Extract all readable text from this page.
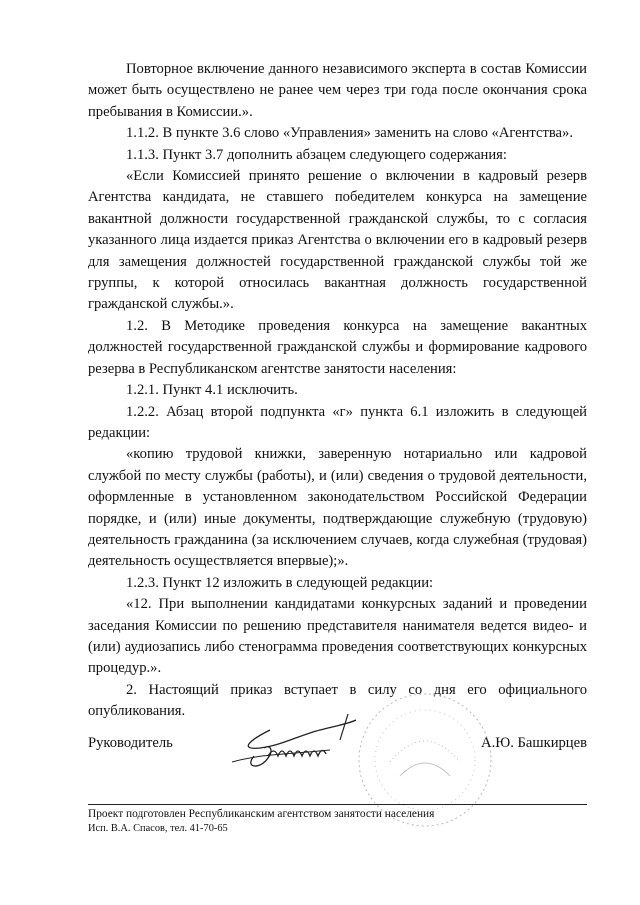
Повторное включение данного независимого эксперта в состав Комиссии может быть осуществлено не ранее чем через три года после окончания срока пребывания в Комиссии.».

1.1.2. В пункте 3.6 слово «Управления» заменить на слово «Агентства».

1.1.3. Пункт 3.7 дополнить абзацем следующего содержания:

«Если Комиссией принято решение о включении в кадровый резерв Агентства кандидата, не ставшего победителем конкурса на замещение вакантной должности государственной гражданской службы, то с согласия указанного лица издается приказ Агентства о включении его в кадровый резерв для замещения должностей государственной гражданской службы той же группы, к которой относилась вакантная должность государственной гражданской службы.».

1.2. В Методике проведения конкурса на замещение вакантных должностей государственной гражданской службы и формирование кадрового резерва в Республиканском агентстве занятости населения:

1.2.1. Пункт 4.1 исключить.

1.2.2. Абзац второй подпункта «г» пункта 6.1 изложить в следующей редакции:

«копию трудовой книжки, заверенную нотариально или кадровой службой по месту службы (работы), и (или) сведения о трудовой деятельности, оформленные в установленном законодательством Российской Федерации порядке, и (или) иные документы, подтверждающие служебную (трудовую) деятельность гражданина (за исключением случаев, когда служебная (трудовая) деятельность осуществляется впервые);».

1.2.3. Пункт 12 изложить в следующей редакции:

«12. При выполнении кандидатами конкурсных заданий и проведении заседания Комиссии по решению представителя нанимателя ведется видео- и (или) аудиозапись либо стенограмма проведения соответствующих конкурсных процедур.».

2. Настоящий приказ вступает в силу со дня его официального опубликования.

Руководитель	А.Ю. Башкирцев
Проект подготовлен Республиканским агентством занятости населения
Исп. В.А. Спасов, тел. 41-70-65
